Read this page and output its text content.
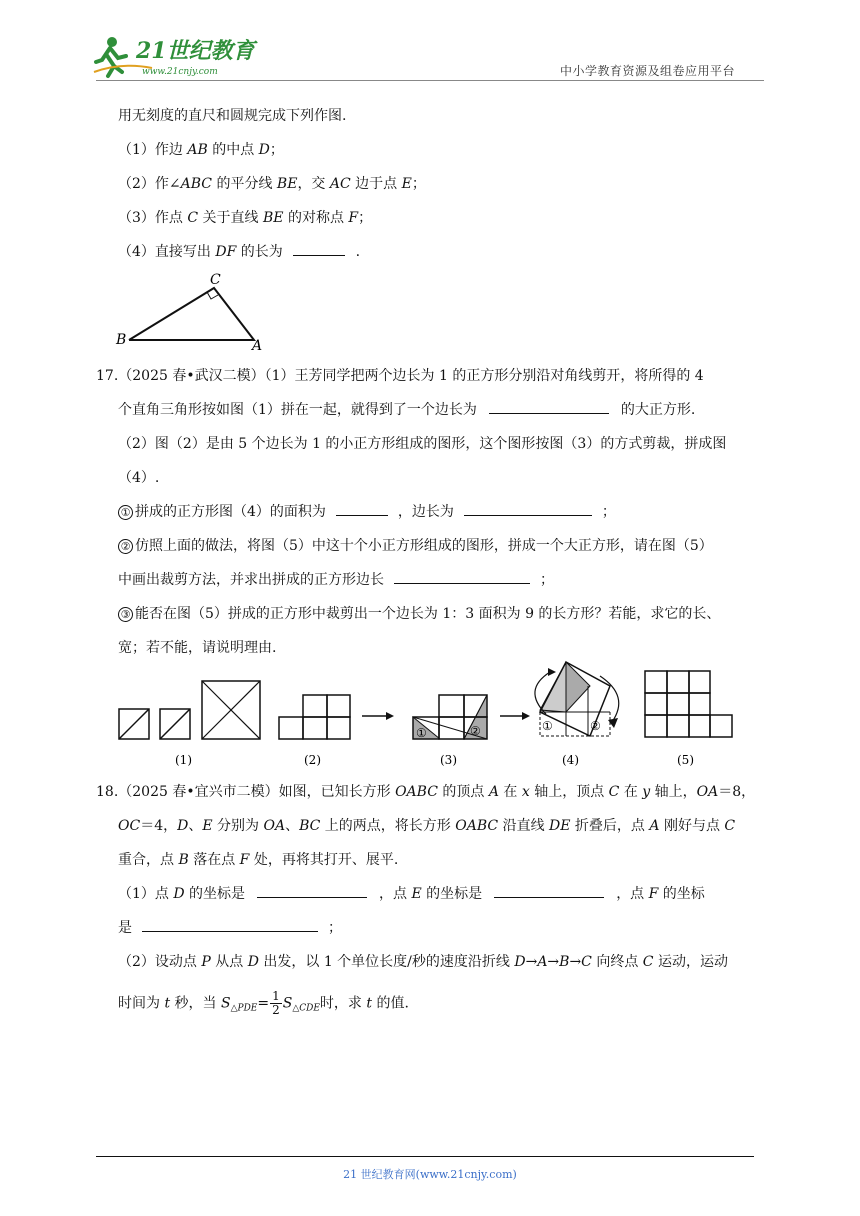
21世纪教育
www.21cnjy.com	中小学教育资源及组卷应用平台
用无刻度的直尺和圆规完成下列作图.
（1）作边 AB 的中点 D；
（2）作∠ABC 的平分线 BE，交 AC 边于点 E；
（3）作点 C 关于直线 BE 的对称点 F；
（4）直接写出 DF 的长为	.
B
C
A
17.（2025 春•武汉二模）（1）王芳同学把两个边长为 1 的正方形分别沿对角线剪开，将所得的 4
个直角三角形按如图（1）拼在一起，就得到了一个边长为	的大正方形.
（2）图（2）是由 5 个边长为 1 的小正方形组成的图形，这个图形按图（3）的方式剪裁，拼成图
（4）.
① 拼成的正方形图（4）的面积为	，边长为	；
② 仿照上面的做法，将图（5）中这十个小正方形组成的图形，拼成一个大正方形，请在图（5）
中画出裁剪方法，并求出拼成的正方形边长	；
③ 能否在图（5）拼成的正方形中裁剪出一个边长为 1：3 面积为 9 的长方形？若能，求它的长、
宽；若不能，请说明理由.
(1)	(2)
①	②
(3)
①	②
(4)	(5)
18.（2025 春•宜兴市二模）如图，已知长方形 OABC 的顶点 A 在 x 轴上，顶点 C 在 y 轴上，OA＝8，
OC＝4，D、E 分别为 OA、BC 上的两点，将长方形 OABC 沿直线 DE 折叠后，点 A 刚好与点 C
重合，点 B 落在点 F 处，再将其打开、展平.
（1）点 D 的坐标是	，点 E 的坐标是	，点 F 的坐标
是	；
（2）设动点 P 从点 D 出发，以 1 个单位长度/秒的速度沿折线 D→A→B→C 向终点 C 运动，运动
时间为 t 秒，当 $S_{\triangle PDE}= \frac{1}{2} S_{\triangle CDE}$时，求 t 的值.
21 世纪教育网(www.21cnjy.com)
